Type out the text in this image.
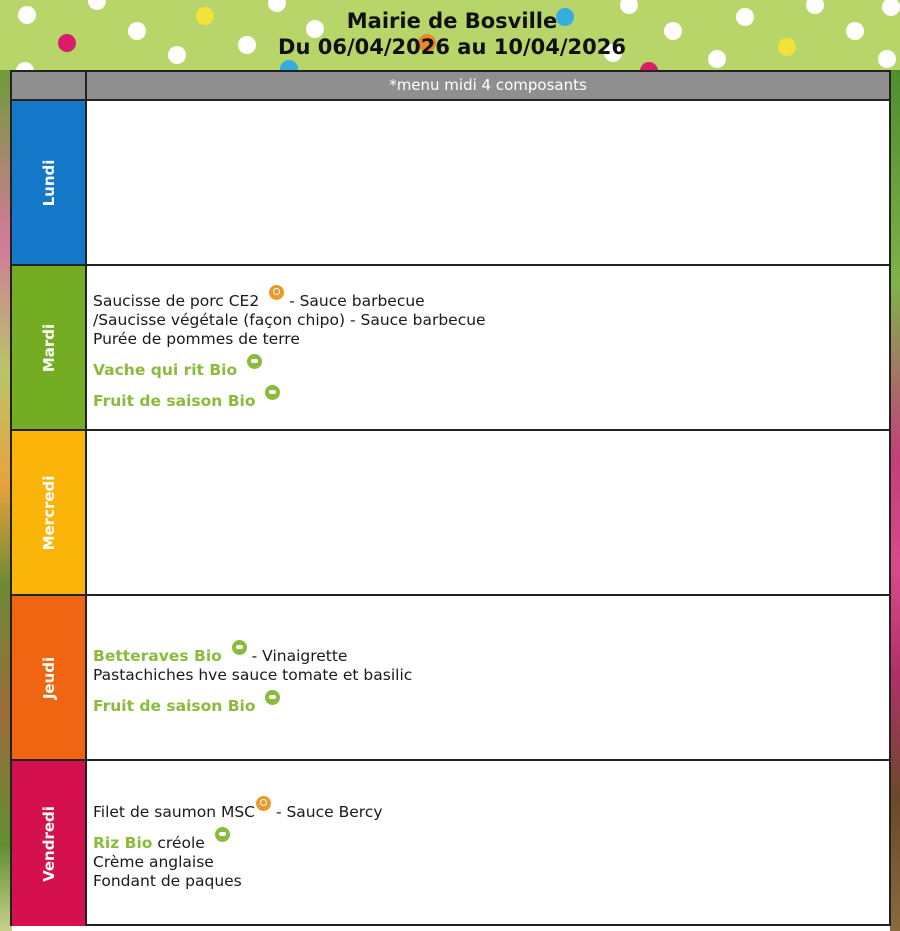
Mairie de Bosville
Du 06/04/2026 au 10/04/2026
*menu midi 4 composants
Lundi
Mardi
Saucisse de porc CE2 - Sauce barbecue
/Saucisse végétale (façon chipo) - Sauce barbecue
Purée de pommes de terre
Vache qui rit Bio
Fruit de saison Bio
Mercredi
Jeudi
Betteraves Bio - Vinaigrette
Pastachiches hve sauce tomate et basilic
Fruit de saison Bio
Vendredi Filet de saumon MSC - Sauce Bercy
Riz Bio créole
Crème anglaise
Fondant de paques
